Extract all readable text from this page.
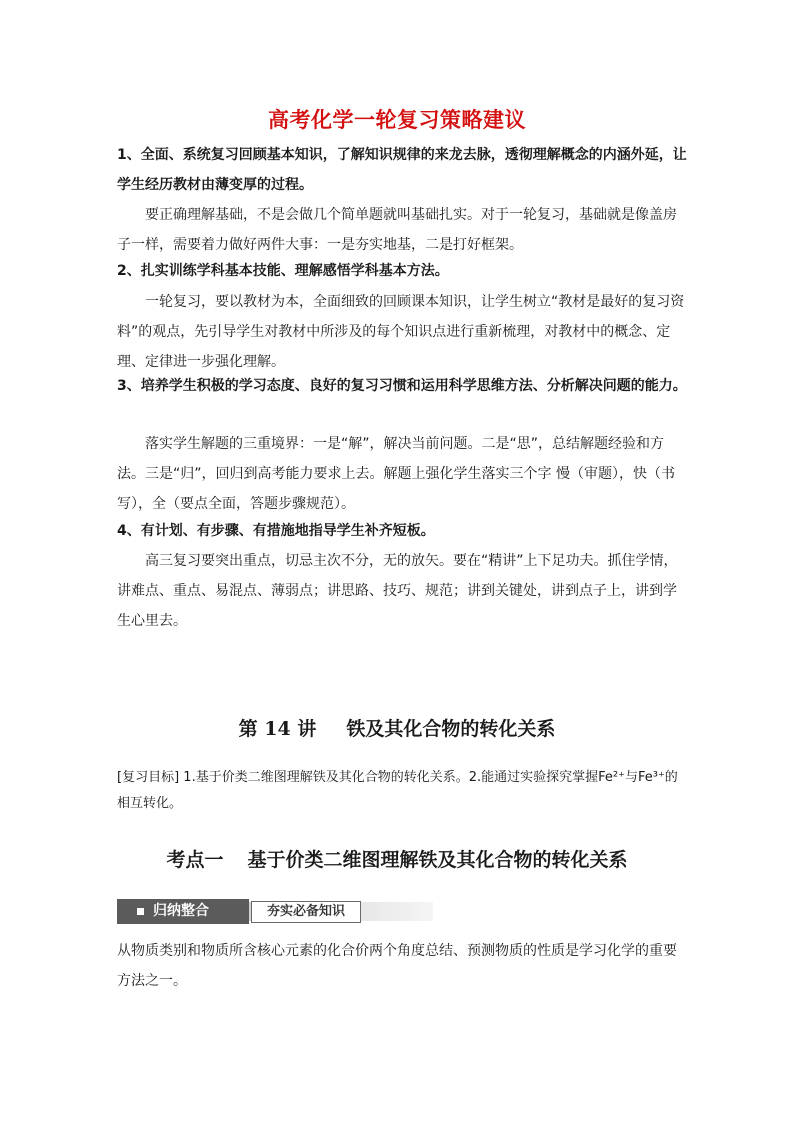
高考化学一轮复习策略建议
1、全面、系统复习回顾基本知识，了解知识规律的来龙去脉，透彻理解概念的内涵外延，让学生经历教材由薄变厚的过程。
要正确理解基础，不是会做几个简单题就叫基础扎实。对于一轮复习，基础就是像盖房子一样，需要着力做好两件大事：一是夯实地基，二是打好框架。
2、扎实训练学科基本技能、理解感悟学科基本方法。
一轮复习，要以教材为本，全面细致的回顾课本知识，让学生树立“教材是最好的复习资料”的观点，先引导学生对教材中所涉及的每个知识点进行重新梳理，对教材中的概念、定理、定律进一步强化理解。
3、培养学生积极的学习态度、良好的复习习惯和运用科学思维方法、分析解决问题的能力。
落实学生解题的三重境界：一是“解”，解决当前问题。二是“思”，总结解题经验和方法。三是“归”，回归到高考能力要求上去。解题上强化学生落实三个字 慢（审题），快（书写），全（要点全面，答题步骤规范）。
4、有计划、有步骤、有措施地指导学生补齐短板。
高三复习要突出重点，切忌主次不分，无的放矢。要在“精讲”上下足功夫。抓住学情，讲难点、重点、易混点、薄弱点；讲思路、技巧、规范；讲到关键处，讲到点子上，讲到学生心里去。
第 14 讲 铁及其化合物的转化关系
[复习目标] 1.基于价类二维图理解铁及其化合物的转化关系。2.能通过实验探究掌握Fe²⁺与Fe³⁺的相互转化。
考点一 基于价类二维图理解铁及其化合物的转化关系
归纳整合	夯实必备知识
从物质类别和物质所含核心元素的化合价两个角度总结、预测物质的性质是学习化学的重要方法之一。
